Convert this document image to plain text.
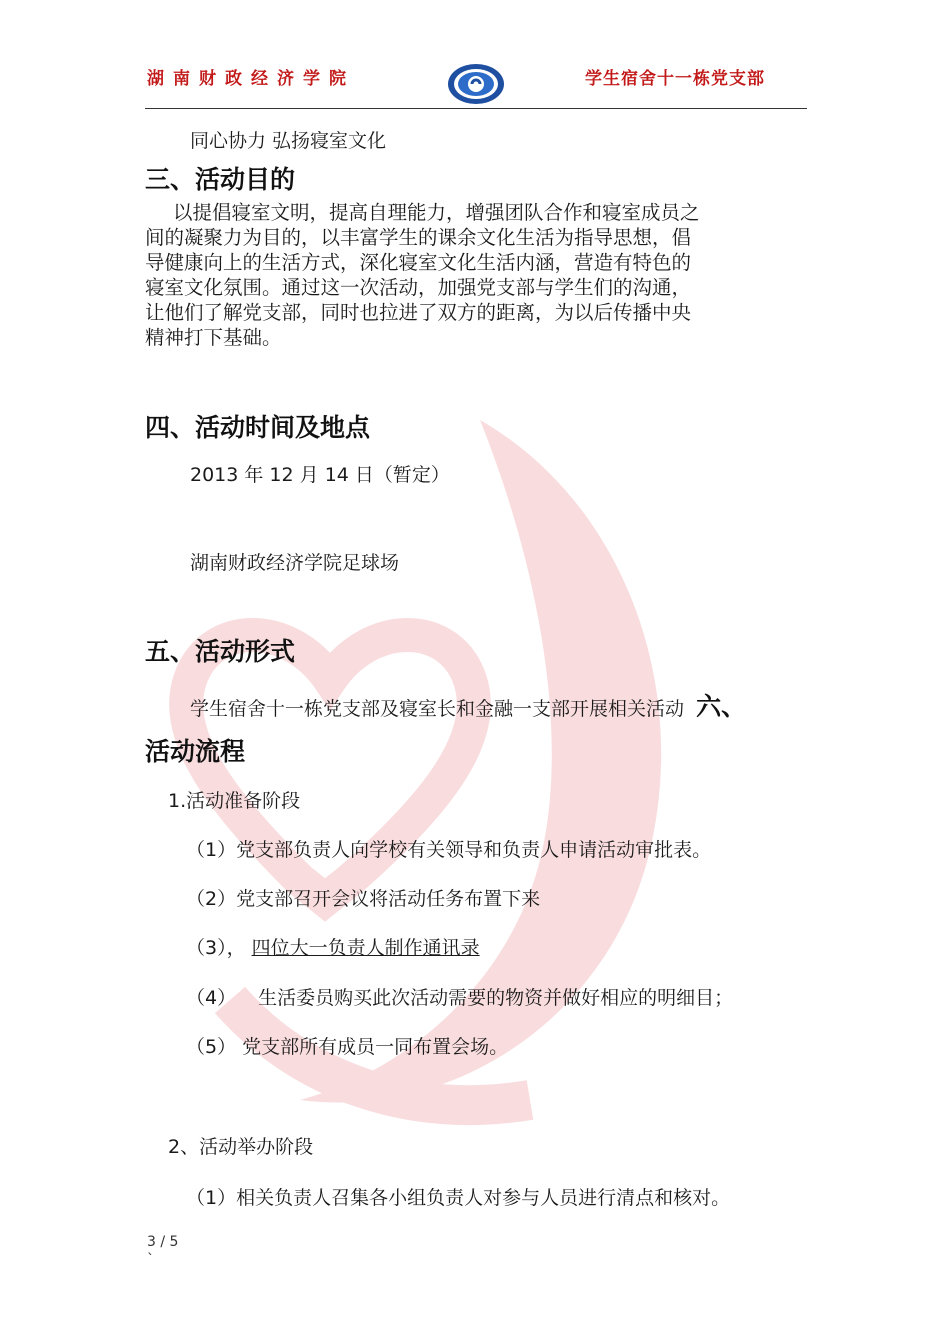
湖南财政经济学院	学生宿舍十一栋党支部
同心协力 弘扬寝室文化
三、活动目的

以提倡寝室文明，提高自理能力，增强团队合作和寝室成员之

间的凝聚力为目的，以丰富学生的课余文化生活为指导思想，倡

导健康向上的生活方式，深化寝室文化生活内涵，营造有特色的

寝室文化氛围。通过这一次活动，加强党支部与学生们的沟通，

让他们了解党支部，同时也拉进了双方的距离，为以后传播中央

精神打下基础。

四、活动时间及地点
2013 年 12 月 14 日（暂定）
湖南财政经济学院足球场
五、活动形式
学生宿舍十一栋党支部及寝室长和金融一支部开展相关活动 六、
活动流程
1.活动准备阶段
（1）党支部负责人向学校有关领导和负责人申请活动审批表。
（2）党支部召开会议将活动任务布置下来
（3）， 四位大一负责人制作通讯录
（4） 生活委员购买此次活动需要的物资并做好相应的明细目；
（5） 党支部所有成员一同布置会场。
2、活动举办阶段
（1）相关负责人召集各小组负责人对参与人员进行清点和核对。
3 / 5
`
